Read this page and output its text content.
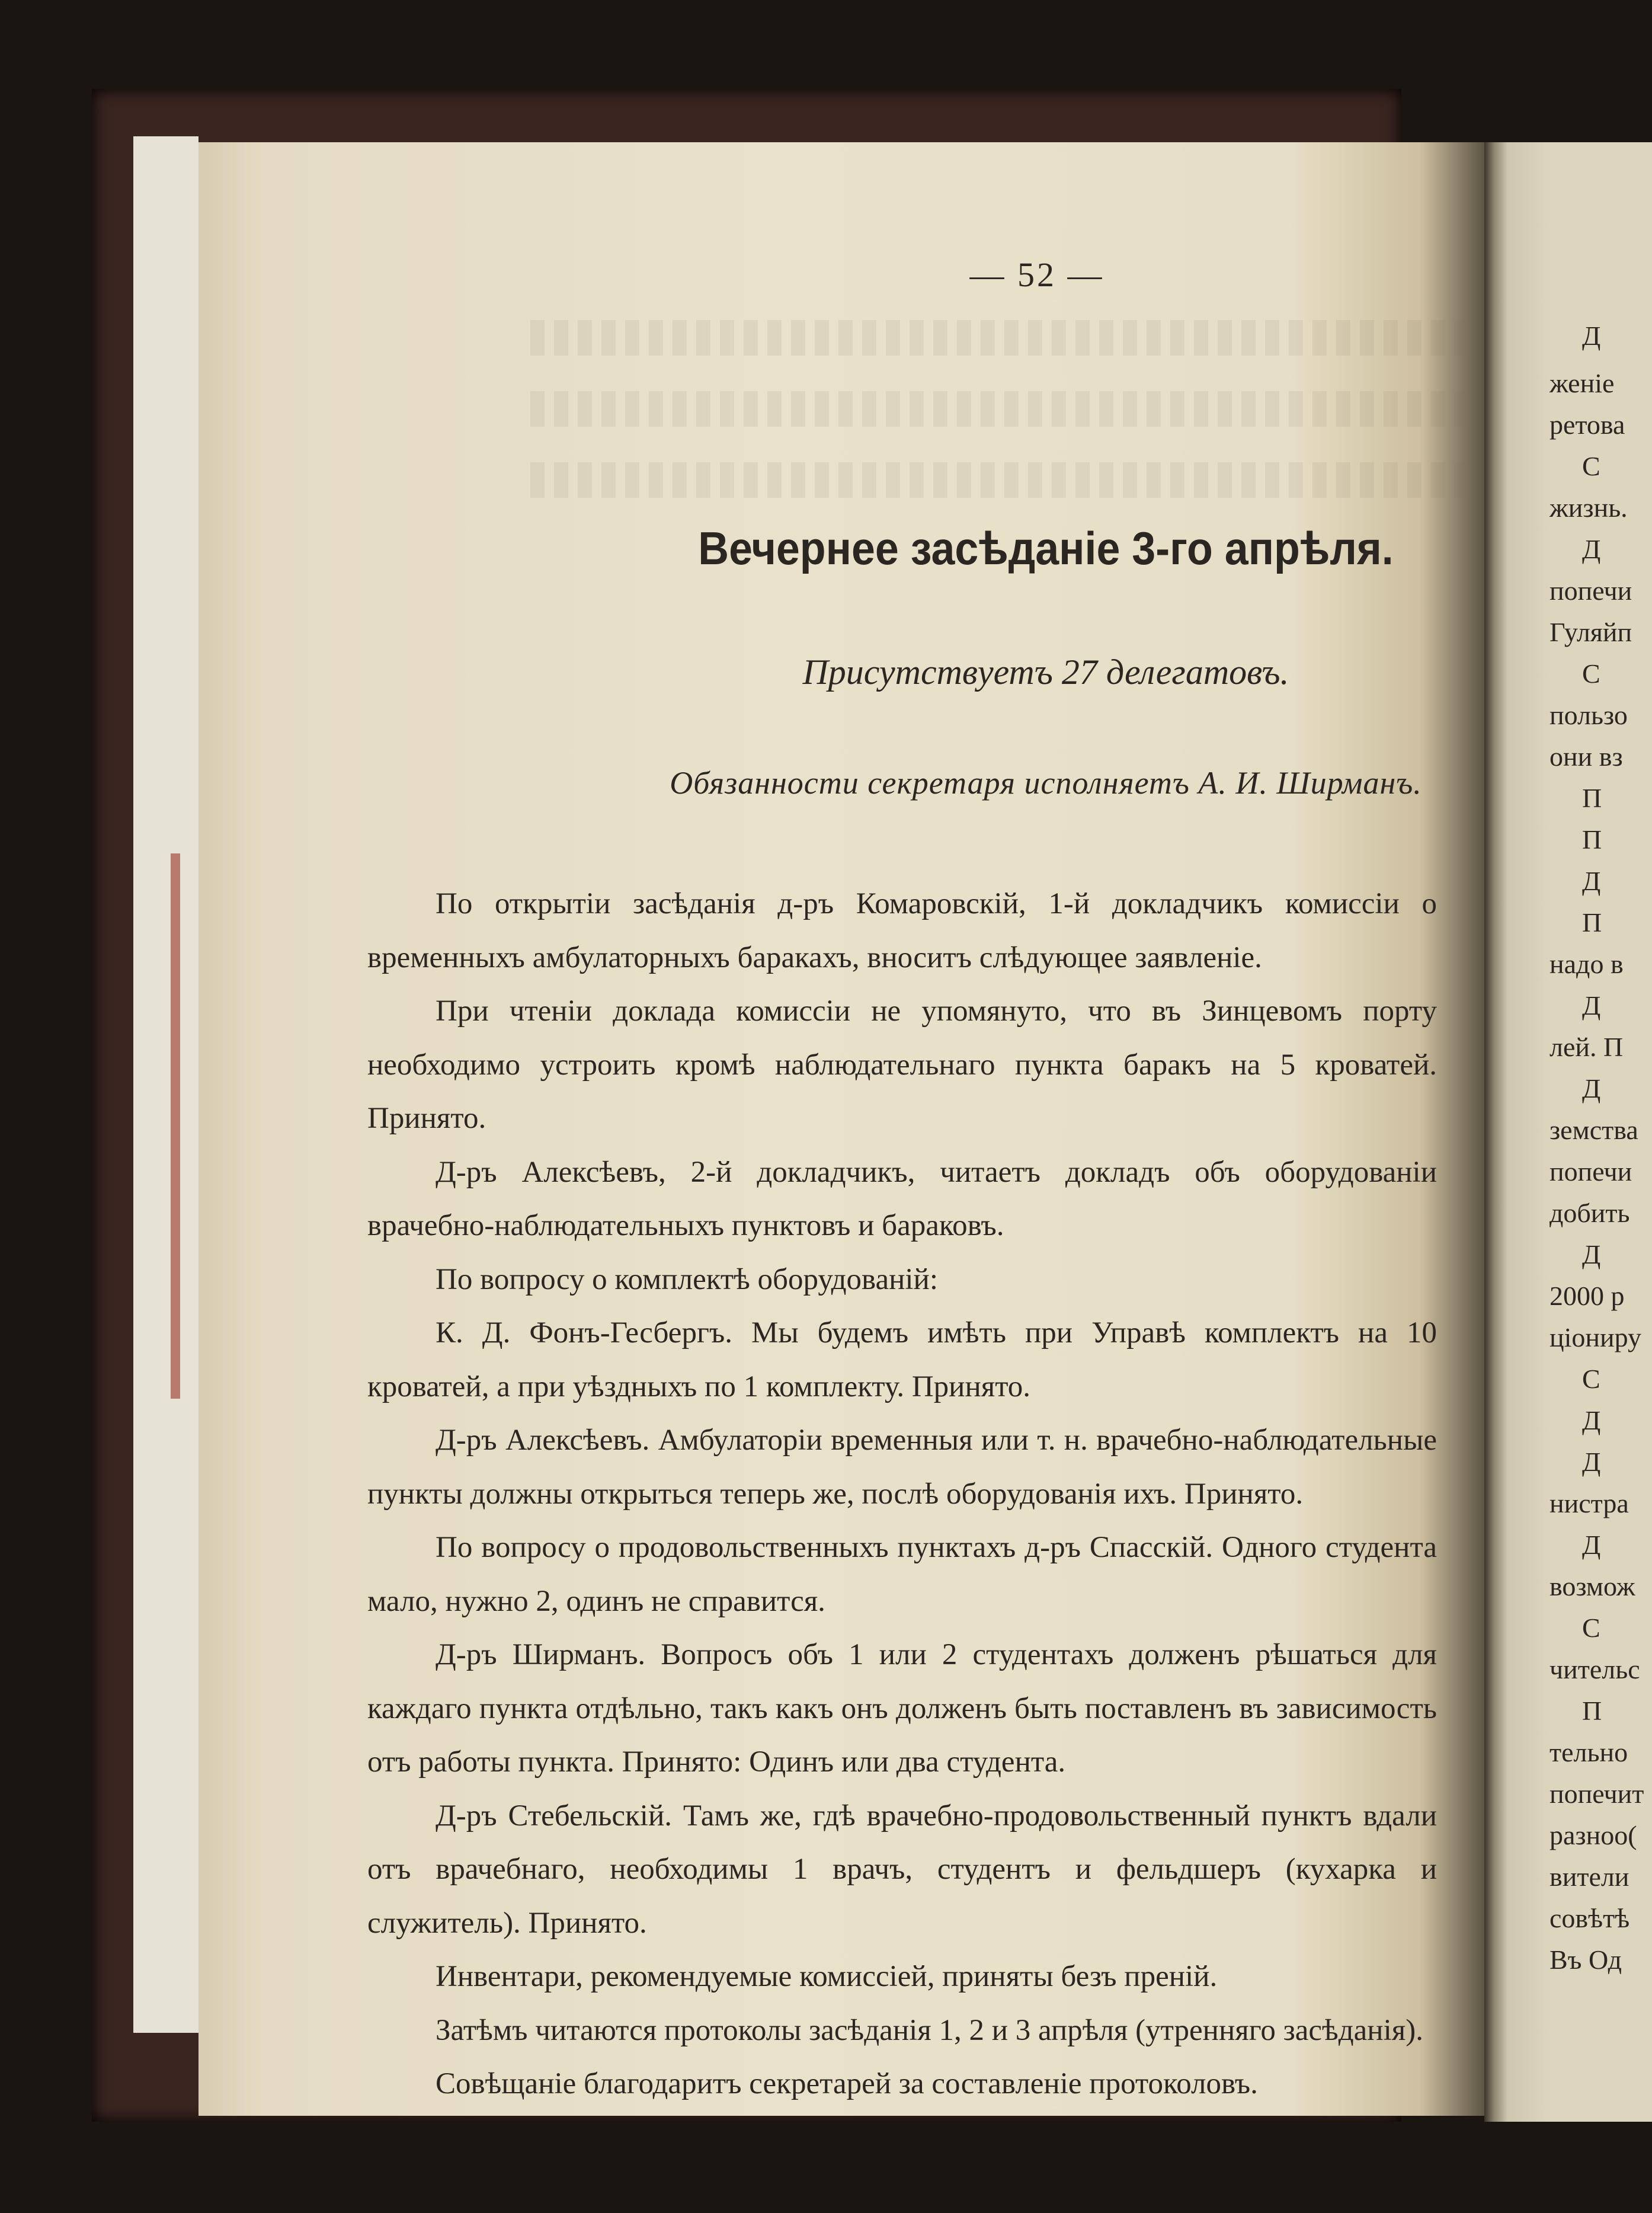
— 52 —
Вечернее засѣданіе 3-го апрѣля.
Присутствуетъ 27 делегатовъ.
Обязанности секретаря исполняетъ А. И. Ширманъ.

По открытіи засѣданія д-ръ Комаровскій, 1-й докладчикъ комиссіи о временныхъ амбулаторныхъ баракахъ, вноситъ слѣдующее заявленіе.

При чтеніи доклада комиссіи не упомянуто, что въ Зинцевомъ порту необходимо устроить кромѣ наблюдательнаго пункта баракъ на 5 кроватей. Принято.

Д-ръ Алексѣевъ, 2-й докладчикъ, читаетъ докладъ объ оборудованіи врачебно-наблюдательныхъ пунктовъ и бараковъ.

По вопросу о комплектѣ оборудованій:

К. Д. Фонъ-Гесбергъ. Мы будемъ имѣть при Управѣ комплектъ на 10 кроватей, а при уѣздныхъ по 1 комплекту. Принято.

Д-ръ Алексѣевъ. Амбулаторіи временныя или т. н. врачебно-наблюдательные пункты должны открыться теперь же, послѣ оборудованія ихъ. Принято.

По вопросу о продовольственныхъ пунктахъ д-ръ Спасскій. Одного студента мало, нужно 2, одинъ не справится.

Д-ръ Ширманъ. Вопросъ объ 1 или 2 студентахъ долженъ рѣшаться для каждаго пункта отдѣльно, такъ какъ онъ долженъ быть поставленъ въ зависимость отъ работы пункта. Принято: Одинъ или два студента.

Д-ръ Стебельскій. Тамъ же, гдѣ врачебно-продовольственный пунктъ вдали отъ врачебнаго, необходимы 1 врачъ, студентъ и фельдшеръ (кухарка и служитель). Принято.

Инвентари, рекомендуемые комиссіей, приняты безъ преній.

Затѣмъ читаются протоколы засѣданія 1, 2 и 3 апрѣля (утренняго засѣданія).

Совѣщаніе благодаритъ секретарей за составленіе протоколовъ.

Д
женіе
ретова
С
жизнь.
Д
попечи
Гуляйп
С
пользо
они вз
П
П
Д
П
надо в
Д
лей. П
Д
земства
попечи
добить
Д
2000 р
ціониру
С
Д
Д
нистра
Д
возмож
С
чительс
П
тельно
попечит
разноо(
вители
совѣтѣ
Въ Од
